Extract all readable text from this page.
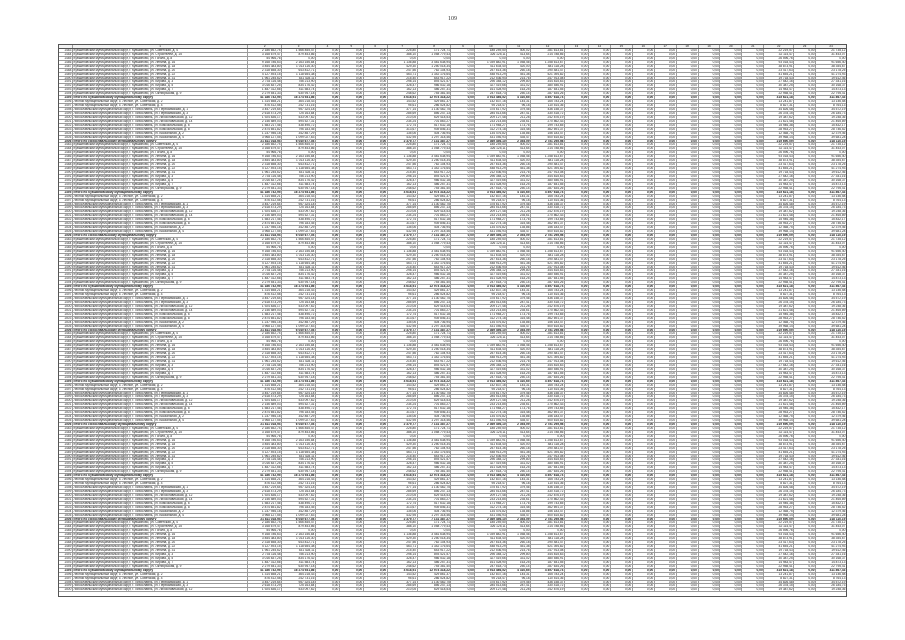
109
1	2	3	4	5	6	7	8	9	10	11	12	13	14	15	16	17	18	19	20	21	22	23	24
1483 Кувшиновский муниципальный округ, г. Кувшиново, ул. Советская, д. 4	2 186 652,74	1 566 845,47	0,00	0,00	0,00	225,80	171 724,71	0,00	185 249,50	400,02	281 613,81	0,00	0,00	0,00	0,00	0,00	0,00	0,00	0,00	0,00	22 219,57	0,00	21 735,12
1484 Кувшиновский муниципальный округ, г. Кувшиново, ул. Строителей, д. 15	3 168 679,47	879 453,86	0,00	0,00	0,00	388,10	1 058 779,43	0,00	326 125,11	413,64	214 788,66	0,00	0,00	0,00	0,00	0,00	0,00	0,00	0,00	0,00	32 114,47	0,00	31 453,07
1485 Кувшиновский муниципальный округ, г. Кувшиново, ул. Гоголя, д. 8	54 966,76	0,00	0,00	0,00	0,00	0,00	0,00	0,00	0,00	0,00	0,00	0,00	0,00	0,00	0,00	0,00	0,00	0,00	0,00	0,00	26 596,76	0,00	0,00
1486 Кувшиновский муниципальный округ, г. Кувшиново, ул. Ленина, д. 16	9 168 786,63	2 163 156,84	0,00	0,00	0,00	1 136,88	3 481 638,94	0,00	1 039 882,91	1 058,46	1 258 613,67	0,00	0,00	0,00	0,00	0,00	0,00	0,00	0,00	0,00	93 018,43	0,00	91 656,40
1487 Кувшиновский муниципальный округ, г. Кувшиново, ул. Ленина, д. 18	3 844 383,80	1 013 116,30	0,00	0,00	0,00	429,30	1 250 018,34	0,00	411 634,40	420,00	481 118,28	0,00	0,00	0,00	0,00	0,00	0,00	0,00	0,00	0,00	38 873,91	0,00	38 354,67
1488 Кувшиновский муниципальный округ, г. Кувшиново, ул. Ленина, д. 20	2 318 658,30	643 812,71	0,00	0,00	0,00	247,56	762 104,93	0,00	257 614,36	260,18	290 481,47	0,00	0,00	0,00	0,00	0,00	0,00	0,00	0,00	0,00	23 417,63	0,00	23 178,25
1489 Кувшиновский муниципальный округ, г. Кувшиново, ул. Ленина, д. 22	4 127 493,15	1 118 654,38	0,00	0,00	0,00	463,71	1 342 176,64	0,00	448 913,29	451,38	521 394,82	0,00	0,00	0,00	0,00	0,00	0,00	0,00	0,00	0,00	41 654,21	0,00	41 274,93
1490 Кувшиновский муниципальный округ, г. Кувшиново, ул. Ленина, д. 31	1 961 245,62	531 428,11	0,00	0,00	0,00	215,40	643 917,22	0,00	212 536,94	214,76	247 913,08	0,00	0,00	0,00	0,00	0,00	0,00	0,00	0,00	0,00	19 718,43	0,00	19 612,46
1491 Кувшиновский муниципальный округ, г. Кувшиново, ул. Кирова, д. 3	2 734 116,48	756 213,90	0,00	0,00	0,00	298,14	893 421,57	0,00	296 384,12	299,80	344 815,63	0,00	0,00	0,00	0,00	0,00	0,00	0,00	0,00	0,00	27 542,16	0,00	27 341,16
1492 Кувшиновский муниципальный округ, г. Кувшиново, ул. Кирова, д. 5	3 016 837,25	834 176,42	0,00	0,00	0,00	328,47	986 532,18	0,00	327 419,66	331,02	380 546,91	0,00	0,00	0,00	0,00	0,00	0,00	0,00	0,00	0,00	30 387,25	0,00	30 168,37
1493 Кувшиновский муниципальный округ, г. Кувшиново, ул. Кирова, д. 7	1 487 312,66	411 583,74	0,00	0,00	0,00	162,13	486 257,31	0,00	161 428,90	163,25	187 641,55	0,00	0,00	0,00	0,00	0,00	0,00	0,00	0,00	0,00	14 983,47	0,00	14 873,13
1494 Кувшиновский муниципальный округ, г. Кувшиново, ул. Октябрьская, д. 9	2 279 541,33	630 947,18	0,00	0,00	0,00	248,62	745 381,40	0,00	247 518,73	250,14	287 634,26	0,00	0,00	0,00	0,00	0,00	0,00	0,00	0,00	0,00	22 958,41	0,00	22 795,41
1495 Итого по Кувшиновскому муниципальному округу	41 186 742,95	16 274 931,86	0,00	0,00	0,00	4 618,91	12 974 318,22	0,00	3 913 486,52	4 310,65	4 497 618,74	0,00	0,00	0,00	0,00	0,00	0,00	0,00	0,00	0,00	415 621,18	0,00	411 867,43
1496 Лесной муниципальный округ, с. Лесное, ул. Советская, д. 2	1 314 658,21	364 218,43	0,00	0,00	0,00	143,52	429 861,37	0,00	142 837,16	144,31	165 783,24	0,00	0,00	0,00	0,00	0,00	0,00	0,00	0,00	0,00	13 241,87	0,00	13 146,58
1497 Лесной муниципальный округ, с. Лесное, ул. Советская, д. 4	876 412,58	242 731,16	0,00	0,00	0,00	95,61	286 524,82	0,00	95 218,47	96,18	110 514,36	0,00	0,00	0,00	0,00	0,00	0,00	0,00	0,00	0,00	8 827,31	0,00	8 764,13
1498 Лихославльский муниципальный округ, г. Лихославль, ул. Первомайская, д. 1	3 457 219,64	957 324,18	0,00	0,00	0,00	377,14	1 130 462,75	0,00	375 617,92	379,46	436 158,37	0,00	0,00	0,00	0,00	0,00	0,00	0,00	0,00	0,00	34 826,48	0,00	34 572,19
1499 Лихославльский муниципальный округ, г. Лихославль, ул. Первомайская, д. 3	2 618 473,29	725 163,84	0,00	0,00	0,00	285,69	856 247,13	0,00	284 513,66	287,41	330 418,72	0,00	0,00	0,00	0,00	0,00	0,00	0,00	0,00	0,00	26 378,15	0,00	26 184,73
1500 Лихославльский муниципальный округ, г. Лихославль, ул. Лихославльская, д. 12	1 924 836,17	533 097,62	0,00	0,00	0,00	210,05	629 418,53	0,00	209 127,48	211,28	242 876,19	0,00	0,00	0,00	0,00	0,00	0,00	0,00	0,00	0,00	19 387,62	0,00	19 248,36
1501 Лихославльский муниципальный округ, г. Лихославль, ул. Лихославльская, д. 14	2 146 589,03	594 527,31	0,00	0,00	0,00	234,24	701 863,27	0,00	233 214,85	235,61	270 862,43	0,00	0,00	0,00	0,00	0,00	0,00	0,00	0,00	0,00	21 621,48	0,00	21 465,89
1502 Лихославльский муниципальный округ, г. Лихославль, ул. Комсомольская, д. 6	1 583 217,46	438 496,72	0,00	0,00	0,00	172,74	517 632,18	0,00	171 984,27	173,76	199 743,65	0,00	0,00	0,00	0,00	0,00	0,00	0,00	0,00	0,00	15 946,38	0,00	15 832,17
1503 Лихославльский муниципальный округ, г. Лихославль, ул. Комсомольская, д. 8	2 874 651,82	796 183,45	0,00	0,00	0,00	313,67	939 846,31	0,00	312 274,18	315,48	362 691,37	0,00	0,00	0,00	0,00	0,00	0,00	0,00	0,00	0,00	28 953,27	0,00	28 746,52
1504 Лихославльский муниципальный округ, г. Лихославль, ул. Вокзальная, д. 2	1 237 946,18	342 857,29	0,00	0,00	0,00	135,06	404 736,94	0,00	134 476,82	135,86	156 183,47	0,00	0,00	0,00	0,00	0,00	0,00	0,00	0,00	0,00	12 468,75	0,00	12 379,46
1505 Лихославльский муниципальный округ, г. Лихославль, ул. Вокзальная, д. 4	3 968 127,55	1 099 027,63	0,00	0,00	0,00	432,95	1 297 318,46	0,00	431 046,93	435,47	500 615,82	0,00	0,00	0,00	0,00	0,00	0,00	0,00	0,00	0,00	39 968,14	0,00	39 681,28
1506 Итого по Лихославльскому муниципальному округу	21 811 018,94	6 040 677,04	0,00	0,00	0,00	2 379,77	7 131 387,27	0,00	2 369 456,10	2 393,09	2 751 295,98	0,00	0,00	0,00	0,00	0,00	0,00	0,00	0,00	0,00	219 690,09	0,00	218 110,19
1483 Кувшиновский муниципальный округ, г. Кувшиново, ул. Советская, д. 4	2 186 652,74	1 566 845,47	0,00	0,00	0,00	225,80	171 724,71	0,00	185 249,50	400,02	281 613,81	0,00	0,00	0,00	0,00	0,00	0,00	0,00	0,00	0,00	22 219,57	0,00	21 735,12
1484 Кувшиновский муниципальный округ, г. Кувшиново, ул. Строителей, д. 15	3 168 679,47	879 453,86	0,00	0,00	0,00	388,10	1 058 779,43	0,00	326 125,11	413,64	214 788,66	0,00	0,00	0,00	0,00	0,00	0,00	0,00	0,00	0,00	32 114,47	0,00	31 453,07
1485 Кувшиновский муниципальный округ, г. Кувшиново, ул. Гоголя, д. 8	54 966,76	0,00	0,00	0,00	0,00	0,00	0,00	0,00	0,00	0,00	0,00	0,00	0,00	0,00	0,00	0,00	0,00	0,00	0,00	0,00	26 596,76	0,00	0,00
1486 Кувшиновский муниципальный округ, г. Кувшиново, ул. Ленина, д. 16	9 168 786,63	2 163 156,84	0,00	0,00	0,00	1 136,88	3 481 638,94	0,00	1 039 882,91	1 058,46	1 258 613,67	0,00	0,00	0,00	0,00	0,00	0,00	0,00	0,00	0,00	93 018,43	0,00	91 656,40
1487 Кувшиновский муниципальный округ, г. Кувшиново, ул. Ленина, д. 18	3 844 383,80	1 013 116,30	0,00	0,00	0,00	429,30	1 250 018,34	0,00	411 634,40	420,00	481 118,28	0,00	0,00	0,00	0,00	0,00	0,00	0,00	0,00	0,00	38 873,91	0,00	38 354,67
1488 Кувшиновский муниципальный округ, г. Кувшиново, ул. Ленина, д. 20	2 318 658,30	643 812,71	0,00	0,00	0,00	247,56	762 104,93	0,00	257 614,36	260,18	290 481,47	0,00	0,00	0,00	0,00	0,00	0,00	0,00	0,00	0,00	23 417,63	0,00	23 178,25
1489 Кувшиновский муниципальный округ, г. Кувшиново, ул. Ленина, д. 22	4 127 493,15	1 118 654,38	0,00	0,00	0,00	463,71	1 342 176,64	0,00	448 913,29	451,38	521 394,82	0,00	0,00	0,00	0,00	0,00	0,00	0,00	0,00	0,00	41 654,21	0,00	41 274,93
1490 Кувшиновский муниципальный округ, г. Кувшиново, ул. Ленина, д. 31	1 961 245,62	531 428,11	0,00	0,00	0,00	215,40	643 917,22	0,00	212 536,94	214,76	247 913,08	0,00	0,00	0,00	0,00	0,00	0,00	0,00	0,00	0,00	19 718,43	0,00	19 612,46
1491 Кувшиновский муниципальный округ, г. Кувшиново, ул. Кирова, д. 3	2 734 116,48	756 213,90	0,00	0,00	0,00	298,14	893 421,57	0,00	296 384,12	299,80	344 815,63	0,00	0,00	0,00	0,00	0,00	0,00	0,00	0,00	0,00	27 542,16	0,00	27 341,16
1492 Кувшиновский муниципальный округ, г. Кувшиново, ул. Кирова, д. 5	3 016 837,25	834 176,42	0,00	0,00	0,00	328,47	986 532,18	0,00	327 419,66	331,02	380 546,91	0,00	0,00	0,00	0,00	0,00	0,00	0,00	0,00	0,00	30 387,25	0,00	30 168,37
1493 Кувшиновский муниципальный округ, г. Кувшиново, ул. Кирова, д. 7	1 487 312,66	411 583,74	0,00	0,00	0,00	162,13	486 257,31	0,00	161 428,90	163,25	187 641,55	0,00	0,00	0,00	0,00	0,00	0,00	0,00	0,00	0,00	14 983,47	0,00	14 873,13
1494 Кувшиновский муниципальный округ, г. Кувшиново, ул. Октябрьская, д. 9	2 279 541,33	630 947,18	0,00	0,00	0,00	248,62	745 381,40	0,00	247 518,73	250,14	287 634,26	0,00	0,00	0,00	0,00	0,00	0,00	0,00	0,00	0,00	22 958,41	0,00	22 795,41
1495 Итого по Кувшиновскому муниципальному округу	41 186 742,95	16 274 931,86	0,00	0,00	0,00	4 618,91	12 974 318,22	0,00	3 913 486,52	4 310,65	4 497 618,74	0,00	0,00	0,00	0,00	0,00	0,00	0,00	0,00	0,00	415 621,18	0,00	411 867,43
1496 Лесной муниципальный округ, с. Лесное, ул. Советская, д. 2	1 314 658,21	364 218,43	0,00	0,00	0,00	143,52	429 861,37	0,00	142 837,16	144,31	165 783,24	0,00	0,00	0,00	0,00	0,00	0,00	0,00	0,00	0,00	13 241,87	0,00	13 146,58
1497 Лесной муниципальный округ, с. Лесное, ул. Советская, д. 4	876 412,58	242 731,16	0,00	0,00	0,00	95,61	286 524,82	0,00	95 218,47	96,18	110 514,36	0,00	0,00	0,00	0,00	0,00	0,00	0,00	0,00	0,00	8 827,31	0,00	8 764,13
1498 Лихославльский муниципальный округ, г. Лихославль, ул. Первомайская, д. 1	3 457 219,64	957 324,18	0,00	0,00	0,00	377,14	1 130 462,75	0,00	375 617,92	379,46	436 158,37	0,00	0,00	0,00	0,00	0,00	0,00	0,00	0,00	0,00	34 826,48	0,00	34 572,19
1499 Лихославльский муниципальный округ, г. Лихославль, ул. Первомайская, д. 3	2 618 473,29	725 163,84	0,00	0,00	0,00	285,69	856 247,13	0,00	284 513,66	287,41	330 418,72	0,00	0,00	0,00	0,00	0,00	0,00	0,00	0,00	0,00	26 378,15	0,00	26 184,73
1500 Лихославльский муниципальный округ, г. Лихославль, ул. Лихославльская, д. 12	1 924 836,17	533 097,62	0,00	0,00	0,00	210,05	629 418,53	0,00	209 127,48	211,28	242 876,19	0,00	0,00	0,00	0,00	0,00	0,00	0,00	0,00	0,00	19 387,62	0,00	19 248,36
1501 Лихославльский муниципальный округ, г. Лихославль, ул. Лихославльская, д. 14	2 146 589,03	594 527,31	0,00	0,00	0,00	234,24	701 863,27	0,00	233 214,85	235,61	270 862,43	0,00	0,00	0,00	0,00	0,00	0,00	0,00	0,00	0,00	21 621,48	0,00	21 465,89
1502 Лихославльский муниципальный округ, г. Лихославль, ул. Комсомольская, д. 6	1 583 217,46	438 496,72	0,00	0,00	0,00	172,74	517 632,18	0,00	171 984,27	173,76	199 743,65	0,00	0,00	0,00	0,00	0,00	0,00	0,00	0,00	0,00	15 946,38	0,00	15 832,17
1503 Лихославльский муниципальный округ, г. Лихославль, ул. Комсомольская, д. 8	2 874 651,82	796 183,45	0,00	0,00	0,00	313,67	939 846,31	0,00	312 274,18	315,48	362 691,37	0,00	0,00	0,00	0,00	0,00	0,00	0,00	0,00	0,00	28 953,27	0,00	28 746,52
1504 Лихославльский муниципальный округ, г. Лихославль, ул. Вокзальная, д. 2	1 237 946,18	342 857,29	0,00	0,00	0,00	135,06	404 736,94	0,00	134 476,82	135,86	156 183,47	0,00	0,00	0,00	0,00	0,00	0,00	0,00	0,00	0,00	12 468,75	0,00	12 379,46
1505 Лихославльский муниципальный округ, г. Лихославль, ул. Вокзальная, д. 4	3 968 127,55	1 099 027,63	0,00	0,00	0,00	432,95	1 297 318,46	0,00	431 046,93	435,47	500 615,82	0,00	0,00	0,00	0,00	0,00	0,00	0,00	0,00	0,00	39 968,14	0,00	39 681,28
1506 Итого по Лихославльскому муниципальному округу	21 811 018,94	6 040 677,04	0,00	0,00	0,00	2 379,77	7 131 387,27	0,00	2 369 456,10	2 393,09	2 751 295,98	0,00	0,00	0,00	0,00	0,00	0,00	0,00	0,00	0,00	219 690,09	0,00	218 110,19
1483 Кувшиновский муниципальный округ, г. Кувшиново, ул. Советская, д. 4	2 186 652,74	1 566 845,47	0,00	0,00	0,00	225,80	171 724,71	0,00	185 249,50	400,02	281 613,81	0,00	0,00	0,00	0,00	0,00	0,00	0,00	0,00	0,00	22 219,57	0,00	21 735,12
1484 Кувшиновский муниципальный округ, г. Кувшиново, ул. Строителей, д. 15	3 168 679,47	879 453,86	0,00	0,00	0,00	388,10	1 058 779,43	0,00	326 125,11	413,64	214 788,66	0,00	0,00	0,00	0,00	0,00	0,00	0,00	0,00	0,00	32 114,47	0,00	31 453,07
1485 Кувшиновский муниципальный округ, г. Кувшиново, ул. Гоголя, д. 8	54 966,76	0,00	0,00	0,00	0,00	0,00	0,00	0,00	0,00	0,00	0,00	0,00	0,00	0,00	0,00	0,00	0,00	0,00	0,00	0,00	26 596,76	0,00	0,00
1486 Кувшиновский муниципальный округ, г. Кувшиново, ул. Ленина, д. 16	9 168 786,63	2 163 156,84	0,00	0,00	0,00	1 136,88	3 481 638,94	0,00	1 039 882,91	1 058,46	1 258 613,67	0,00	0,00	0,00	0,00	0,00	0,00	0,00	0,00	0,00	93 018,43	0,00	91 656,40
1487 Кувшиновский муниципальный округ, г. Кувшиново, ул. Ленина, д. 18	3 844 383,80	1 013 116,30	0,00	0,00	0,00	429,30	1 250 018,34	0,00	411 634,40	420,00	481 118,28	0,00	0,00	0,00	0,00	0,00	0,00	0,00	0,00	0,00	38 873,91	0,00	38 354,67
1488 Кувшиновский муниципальный округ, г. Кувшиново, ул. Ленина, д. 20	2 318 658,30	643 812,71	0,00	0,00	0,00	247,56	762 104,93	0,00	257 614,36	260,18	290 481,47	0,00	0,00	0,00	0,00	0,00	0,00	0,00	0,00	0,00	23 417,63	0,00	23 178,25
1489 Кувшиновский муниципальный округ, г. Кувшиново, ул. Ленина, д. 22	4 127 493,15	1 118 654,38	0,00	0,00	0,00	463,71	1 342 176,64	0,00	448 913,29	451,38	521 394,82	0,00	0,00	0,00	0,00	0,00	0,00	0,00	0,00	0,00	41 654,21	0,00	41 274,93
1490 Кувшиновский муниципальный округ, г. Кувшиново, ул. Ленина, д. 31	1 961 245,62	531 428,11	0,00	0,00	0,00	215,40	643 917,22	0,00	212 536,94	214,76	247 913,08	0,00	0,00	0,00	0,00	0,00	0,00	0,00	0,00	0,00	19 718,43	0,00	19 612,46
1491 Кувшиновский муниципальный округ, г. Кувшиново, ул. Кирова, д. 3	2 734 116,48	756 213,90	0,00	0,00	0,00	298,14	893 421,57	0,00	296 384,12	299,80	344 815,63	0,00	0,00	0,00	0,00	0,00	0,00	0,00	0,00	0,00	27 542,16	0,00	27 341,16
1492 Кувшиновский муниципальный округ, г. Кувшиново, ул. Кирова, д. 5	3 016 837,25	834 176,42	0,00	0,00	0,00	328,47	986 532,18	0,00	327 419,66	331,02	380 546,91	0,00	0,00	0,00	0,00	0,00	0,00	0,00	0,00	0,00	30 387,25	0,00	30 168,37
1493 Кувшиновский муниципальный округ, г. Кувшиново, ул. Кирова, д. 7	1 487 312,66	411 583,74	0,00	0,00	0,00	162,13	486 257,31	0,00	161 428,90	163,25	187 641,55	0,00	0,00	0,00	0,00	0,00	0,00	0,00	0,00	0,00	14 983,47	0,00	14 873,13
1494 Кувшиновский муниципальный округ, г. Кувшиново, ул. Октябрьская, д. 9	2 279 541,33	630 947,18	0,00	0,00	0,00	248,62	745 381,40	0,00	247 518,73	250,14	287 634,26	0,00	0,00	0,00	0,00	0,00	0,00	0,00	0,00	0,00	22 958,41	0,00	22 795,41
1495 Итого по Кувшиновскому муниципальному округу	41 186 742,95	16 274 931,86	0,00	0,00	0,00	4 618,91	12 974 318,22	0,00	3 913 486,52	4 310,65	4 497 618,74	0,00	0,00	0,00	0,00	0,00	0,00	0,00	0,00	0,00	415 621,18	0,00	411 867,43
1496 Лесной муниципальный округ, с. Лесное, ул. Советская, д. 2	1 314 658,21	364 218,43	0,00	0,00	0,00	143,52	429 861,37	0,00	142 837,16	144,31	165 783,24	0,00	0,00	0,00	0,00	0,00	0,00	0,00	0,00	0,00	13 241,87	0,00	13 146,58
1497 Лесной муниципальный округ, с. Лесное, ул. Советская, д. 4	876 412,58	242 731,16	0,00	0,00	0,00	95,61	286 524,82	0,00	95 218,47	96,18	110 514,36	0,00	0,00	0,00	0,00	0,00	0,00	0,00	0,00	0,00	8 827,31	0,00	8 764,13
1498 Лихославльский муниципальный округ, г. Лихославль, ул. Первомайская, д. 1	3 457 219,64	957 324,18	0,00	0,00	0,00	377,14	1 130 462,75	0,00	375 617,92	379,46	436 158,37	0,00	0,00	0,00	0,00	0,00	0,00	0,00	0,00	0,00	34 826,48	0,00	34 572,19
1499 Лихославльский муниципальный округ, г. Лихославль, ул. Первомайская, д. 3	2 618 473,29	725 163,84	0,00	0,00	0,00	285,69	856 247,13	0,00	284 513,66	287,41	330 418,72	0,00	0,00	0,00	0,00	0,00	0,00	0,00	0,00	0,00	26 378,15	0,00	26 184,73
1500 Лихославльский муниципальный округ, г. Лихославль, ул. Лихославльская, д. 12	1 924 836,17	533 097,62	0,00	0,00	0,00	210,05	629 418,53	0,00	209 127,48	211,28	242 876,19	0,00	0,00	0,00	0,00	0,00	0,00	0,00	0,00	0,00	19 387,62	0,00	19 248,36
1501 Лихославльский муниципальный округ, г. Лихославль, ул. Лихославльская, д. 14	2 146 589,03	594 527,31	0,00	0,00	0,00	234,24	701 863,27	0,00	233 214,85	235,61	270 862,43	0,00	0,00	0,00	0,00	0,00	0,00	0,00	0,00	0,00	21 621,48	0,00	21 465,89
1502 Лихославльский муниципальный округ, г. Лихославль, ул. Комсомольская, д. 6	1 583 217,46	438 496,72	0,00	0,00	0,00	172,74	517 632,18	0,00	171 984,27	173,76	199 743,65	0,00	0,00	0,00	0,00	0,00	0,00	0,00	0,00	0,00	15 946,38	0,00	15 832,17
1503 Лихославльский муниципальный округ, г. Лихославль, ул. Комсомольская, д. 8	2 874 651,82	796 183,45	0,00	0,00	0,00	313,67	939 846,31	0,00	312 274,18	315,48	362 691,37	0,00	0,00	0,00	0,00	0,00	0,00	0,00	0,00	0,00	28 953,27	0,00	28 746,52
1504 Лихославльский муниципальный округ, г. Лихославль, ул. Вокзальная, д. 2	1 237 946,18	342 857,29	0,00	0,00	0,00	135,06	404 736,94	0,00	134 476,82	135,86	156 183,47	0,00	0,00	0,00	0,00	0,00	0,00	0,00	0,00	0,00	12 468,75	0,00	12 379,46
1505 Лихославльский муниципальный округ, г. Лихославль, ул. Вокзальная, д. 4	3 968 127,55	1 099 027,63	0,00	0,00	0,00	432,95	1 297 318,46	0,00	431 046,93	435,47	500 615,82	0,00	0,00	0,00	0,00	0,00	0,00	0,00	0,00	0,00	39 968,14	0,00	39 681,28
1506 Итого по Лихославльскому муниципальному округу	21 811 018,94	6 040 677,04	0,00	0,00	0,00	2 379,77	7 131 387,27	0,00	2 369 456,10	2 393,09	2 751 295,98	0,00	0,00	0,00	0,00	0,00	0,00	0,00	0,00	0,00	219 690,09	0,00	218 110,19
1483 Кувшиновский муниципальный округ, г. Кувшиново, ул. Советская, д. 4	2 186 652,74	1 566 845,47	0,00	0,00	0,00	225,80	171 724,71	0,00	185 249,50	400,02	281 613,81	0,00	0,00	0,00	0,00	0,00	0,00	0,00	0,00	0,00	22 219,57	0,00	21 735,12
1484 Кувшиновский муниципальный округ, г. Кувшиново, ул. Строителей, д. 15	3 168 679,47	879 453,86	0,00	0,00	0,00	388,10	1 058 779,43	0,00	326 125,11	413,64	214 788,66	0,00	0,00	0,00	0,00	0,00	0,00	0,00	0,00	0,00	32 114,47	0,00	31 453,07
1485 Кувшиновский муниципальный округ, г. Кувшиново, ул. Гоголя, д. 8	54 966,76	0,00	0,00	0,00	0,00	0,00	0,00	0,00	0,00	0,00	0,00	0,00	0,00	0,00	0,00	0,00	0,00	0,00	0,00	0,00	26 596,76	0,00	0,00
1486 Кувшиновский муниципальный округ, г. Кувшиново, ул. Ленина, д. 16	9 168 786,63	2 163 156,84	0,00	0,00	0,00	1 136,88	3 481 638,94	0,00	1 039 882,91	1 058,46	1 258 613,67	0,00	0,00	0,00	0,00	0,00	0,00	0,00	0,00	0,00	93 018,43	0,00	91 656,40
1487 Кувшиновский муниципальный округ, г. Кувшиново, ул. Ленина, д. 18	3 844 383,80	1 013 116,30	0,00	0,00	0,00	429,30	1 250 018,34	0,00	411 634,40	420,00	481 118,28	0,00	0,00	0,00	0,00	0,00	0,00	0,00	0,00	0,00	38 873,91	0,00	38 354,67
1488 Кувшиновский муниципальный округ, г. Кувшиново, ул. Ленина, д. 20	2 318 658,30	643 812,71	0,00	0,00	0,00	247,56	762 104,93	0,00	257 614,36	260,18	290 481,47	0,00	0,00	0,00	0,00	0,00	0,00	0,00	0,00	0,00	23 417,63	0,00	23 178,25
1489 Кувшиновский муниципальный округ, г. Кувшиново, ул. Ленина, д. 22	4 127 493,15	1 118 654,38	0,00	0,00	0,00	463,71	1 342 176,64	0,00	448 913,29	451,38	521 394,82	0,00	0,00	0,00	0,00	0,00	0,00	0,00	0,00	0,00	41 654,21	0,00	41 274,93
1490 Кувшиновский муниципальный округ, г. Кувшиново, ул. Ленина, д. 31	1 961 245,62	531 428,11	0,00	0,00	0,00	215,40	643 917,22	0,00	212 536,94	214,76	247 913,08	0,00	0,00	0,00	0,00	0,00	0,00	0,00	0,00	0,00	19 718,43	0,00	19 612,46
1491 Кувшиновский муниципальный округ, г. Кувшиново, ул. Кирова, д. 3	2 734 116,48	756 213,90	0,00	0,00	0,00	298,14	893 421,57	0,00	296 384,12	299,80	344 815,63	0,00	0,00	0,00	0,00	0,00	0,00	0,00	0,00	0,00	27 542,16	0,00	27 341,16
1492 Кувшиновский муниципальный округ, г. Кувшиново, ул. Кирова, д. 5	3 016 837,25	834 176,42	0,00	0,00	0,00	328,47	986 532,18	0,00	327 419,66	331,02	380 546,91	0,00	0,00	0,00	0,00	0,00	0,00	0,00	0,00	0,00	30 387,25	0,00	30 168,37
1493 Кувшиновский муниципальный округ, г. Кувшиново, ул. Кирова, д. 7	1 487 312,66	411 583,74	0,00	0,00	0,00	162,13	486 257,31	0,00	161 428,90	163,25	187 641,55	0,00	0,00	0,00	0,00	0,00	0,00	0,00	0,00	0,00	14 983,47	0,00	14 873,13
1494 Кувшиновский муниципальный округ, г. Кувшиново, ул. Октябрьская, д. 9	2 279 541,33	630 947,18	0,00	0,00	0,00	248,62	745 381,40	0,00	247 518,73	250,14	287 634,26	0,00	0,00	0,00	0,00	0,00	0,00	0,00	0,00	0,00	22 958,41	0,00	22 795,41
1495 Итого по Кувшиновскому муниципальному округу	41 186 742,95	16 274 931,86	0,00	0,00	0,00	4 618,91	12 974 318,22	0,00	3 913 486,52	4 310,65	4 497 618,74	0,00	0,00	0,00	0,00	0,00	0,00	0,00	0,00	0,00	415 621,18	0,00	411 867,43
1496 Лесной муниципальный округ, с. Лесное, ул. Советская, д. 2	1 314 658,21	364 218,43	0,00	0,00	0,00	143,52	429 861,37	0,00	142 837,16	144,31	165 783,24	0,00	0,00	0,00	0,00	0,00	0,00	0,00	0,00	0,00	13 241,87	0,00	13 146,58
1497 Лесной муниципальный округ, с. Лесное, ул. Советская, д. 4	876 412,58	242 731,16	0,00	0,00	0,00	95,61	286 524,82	0,00	95 218,47	96,18	110 514,36	0,00	0,00	0,00	0,00	0,00	0,00	0,00	0,00	0,00	8 827,31	0,00	8 764,13
1498 Лихославльский муниципальный округ, г. Лихославль, ул. Первомайская, д. 1	3 457 219,64	957 324,18	0,00	0,00	0,00	377,14	1 130 462,75	0,00	375 617,92	379,46	436 158,37	0,00	0,00	0,00	0,00	0,00	0,00	0,00	0,00	0,00	34 826,48	0,00	34 572,19
1499 Лихославльский муниципальный округ, г. Лихославль, ул. Первомайская, д. 3	2 618 473,29	725 163,84	0,00	0,00	0,00	285,69	856 247,13	0,00	284 513,66	287,41	330 418,72	0,00	0,00	0,00	0,00	0,00	0,00	0,00	0,00	0,00	26 378,15	0,00	26 184,73
1500 Лихославльский муниципальный округ, г. Лихославль, ул. Лихославльская, д. 12	1 924 836,17	533 097,62	0,00	0,00	0,00	210,05	629 418,53	0,00	209 127,48	211,28	242 876,19	0,00	0,00	0,00	0,00	0,00	0,00	0,00	0,00	0,00	19 387,62	0,00	19 248,36
1501 Лихославльский муниципальный округ, г. Лихославль, ул. Лихославльская, д. 14	2 146 589,03	594 527,31	0,00	0,00	0,00	234,24	701 863,27	0,00	233 214,85	235,61	270 862,43	0,00	0,00	0,00	0,00	0,00	0,00	0,00	0,00	0,00	21 621,48	0,00	21 465,89
1502 Лихославльский муниципальный округ, г. Лихославль, ул. Комсомольская, д. 6	1 583 217,46	438 496,72	0,00	0,00	0,00	172,74	517 632,18	0,00	171 984,27	173,76	199 743,65	0,00	0,00	0,00	0,00	0,00	0,00	0,00	0,00	0,00	15 946,38	0,00	15 832,17
1503 Лихославльский муниципальный округ, г. Лихославль, ул. Комсомольская, д. 8	2 874 651,82	796 183,45	0,00	0,00	0,00	313,67	939 846,31	0,00	312 274,18	315,48	362 691,37	0,00	0,00	0,00	0,00	0,00	0,00	0,00	0,00	0,00	28 953,27	0,00	28 746,52
1504 Лихославльский муниципальный округ, г. Лихославль, ул. Вокзальная, д. 2	1 237 946,18	342 857,29	0,00	0,00	0,00	135,06	404 736,94	0,00	134 476,82	135,86	156 183,47	0,00	0,00	0,00	0,00	0,00	0,00	0,00	0,00	0,00	12 468,75	0,00	12 379,46
1505 Лихославльский муниципальный округ, г. Лихославль, ул. Вокзальная, д. 4	3 968 127,55	1 099 027,63	0,00	0,00	0,00	432,95	1 297 318,46	0,00	431 046,93	435,47	500 615,82	0,00	0,00	0,00	0,00	0,00	0,00	0,00	0,00	0,00	39 968,14	0,00	39 681,28
1506 Итого по Лихославльскому муниципальному округу	21 811 018,94	6 040 677,04	0,00	0,00	0,00	2 379,77	7 131 387,27	0,00	2 369 456,10	2 393,09	2 751 295,98	0,00	0,00	0,00	0,00	0,00	0,00	0,00	0,00	0,00	219 690,09	0,00	218 110,19
1483 Кувшиновский муниципальный округ, г. Кувшиново, ул. Советская, д. 4	2 186 652,74	1 566 845,47	0,00	0,00	0,00	225,80	171 724,71	0,00	185 249,50	400,02	281 613,81	0,00	0,00	0,00	0,00	0,00	0,00	0,00	0,00	0,00	22 219,57	0,00	21 735,12
1484 Кувшиновский муниципальный округ, г. Кувшиново, ул. Строителей, д. 15	3 168 679,47	879 453,86	0,00	0,00	0,00	388,10	1 058 779,43	0,00	326 125,11	413,64	214 788,66	0,00	0,00	0,00	0,00	0,00	0,00	0,00	0,00	0,00	32 114,47	0,00	31 453,07
1485 Кувшиновский муниципальный округ, г. Кувшиново, ул. Гоголя, д. 8	54 966,76	0,00	0,00	0,00	0,00	0,00	0,00	0,00	0,00	0,00	0,00	0,00	0,00	0,00	0,00	0,00	0,00	0,00	0,00	0,00	26 596,76	0,00	0,00
1486 Кувшиновский муниципальный округ, г. Кувшиново, ул. Ленина, д. 16	9 168 786,63	2 163 156,84	0,00	0,00	0,00	1 136,88	3 481 638,94	0,00	1 039 882,91	1 058,46	1 258 613,67	0,00	0,00	0,00	0,00	0,00	0,00	0,00	0,00	0,00	93 018,43	0,00	91 656,40
1487 Кувшиновский муниципальный округ, г. Кувшиново, ул. Ленина, д. 18	3 844 383,80	1 013 116,30	0,00	0,00	0,00	429,30	1 250 018,34	0,00	411 634,40	420,00	481 118,28	0,00	0,00	0,00	0,00	0,00	0,00	0,00	0,00	0,00	38 873,91	0,00	38 354,67
1488 Кувшиновский муниципальный округ, г. Кувшиново, ул. Ленина, д. 20	2 318 658,30	643 812,71	0,00	0,00	0,00	247,56	762 104,93	0,00	257 614,36	260,18	290 481,47	0,00	0,00	0,00	0,00	0,00	0,00	0,00	0,00	0,00	23 417,63	0,00	23 178,25
1489 Кувшиновский муниципальный округ, г. Кувшиново, ул. Ленина, д. 22	4 127 493,15	1 118 654,38	0,00	0,00	0,00	463,71	1 342 176,64	0,00	448 913,29	451,38	521 394,82	0,00	0,00	0,00	0,00	0,00	0,00	0,00	0,00	0,00	41 654,21	0,00	41 274,93
1490 Кувшиновский муниципальный округ, г. Кувшиново, ул. Ленина, д. 31	1 961 245,62	531 428,11	0,00	0,00	0,00	215,40	643 917,22	0,00	212 536,94	214,76	247 913,08	0,00	0,00	0,00	0,00	0,00	0,00	0,00	0,00	0,00	19 718,43	0,00	19 612,46
1491 Кувшиновский муниципальный округ, г. Кувшиново, ул. Кирова, д. 3	2 734 116,48	756 213,90	0,00	0,00	0,00	298,14	893 421,57	0,00	296 384,12	299,80	344 815,63	0,00	0,00	0,00	0,00	0,00	0,00	0,00	0,00	0,00	27 542,16	0,00	27 341,16
1492 Кувшиновский муниципальный округ, г. Кувшиново, ул. Кирова, д. 5	3 016 837,25	834 176,42	0,00	0,00	0,00	328,47	986 532,18	0,00	327 419,66	331,02	380 546,91	0,00	0,00	0,00	0,00	0,00	0,00	0,00	0,00	0,00	30 387,25	0,00	30 168,37
1493 Кувшиновский муниципальный округ, г. Кувшиново, ул. Кирова, д. 7	1 487 312,66	411 583,74	0,00	0,00	0,00	162,13	486 257,31	0,00	161 428,90	163,25	187 641,55	0,00	0,00	0,00	0,00	0,00	0,00	0,00	0,00	0,00	14 983,47	0,00	14 873,13
1494 Кувшиновский муниципальный округ, г. Кувшиново, ул. Октябрьская, д. 9	2 279 541,33	630 947,18	0,00	0,00	0,00	248,62	745 381,40	0,00	247 518,73	250,14	287 634,26	0,00	0,00	0,00	0,00	0,00	0,00	0,00	0,00	0,00	22 958,41	0,00	22 795,41
1495 Итого по Кувшиновскому муниципальному округу	41 186 742,95	16 274 931,86	0,00	0,00	0,00	4 618,91	12 974 318,22	0,00	3 913 486,52	4 310,65	4 497 618,74	0,00	0,00	0,00	0,00	0,00	0,00	0,00	0,00	0,00	415 621,18	0,00	411 867,43
1496 Лесной муниципальный округ, с. Лесное, ул. Советская, д. 2	1 314 658,21	364 218,43	0,00	0,00	0,00	143,52	429 861,37	0,00	142 837,16	144,31	165 783,24	0,00	0,00	0,00	0,00	0,00	0,00	0,00	0,00	0,00	13 241,87	0,00	13 146,58
1497 Лесной муниципальный округ, с. Лесное, ул. Советская, д. 4	876 412,58	242 731,16	0,00	0,00	0,00	95,61	286 524,82	0,00	95 218,47	96,18	110 514,36	0,00	0,00	0,00	0,00	0,00	0,00	0,00	0,00	0,00	8 827,31	0,00	8 764,13
1498 Лихославльский муниципальный округ, г. Лихославль, ул. Первомайская, д. 1	3 457 219,64	957 324,18	0,00	0,00	0,00	377,14	1 130 462,75	0,00	375 617,92	379,46	436 158,37	0,00	0,00	0,00	0,00	0,00	0,00	0,00	0,00	0,00	34 826,48	0,00	34 572,19
1499 Лихославльский муниципальный округ, г. Лихославль, ул. Первомайская, д. 3	2 618 473,29	725 163,84	0,00	0,00	0,00	285,69	856 247,13	0,00	284 513,66	287,41	330 418,72	0,00	0,00	0,00	0,00	0,00	0,00	0,00	0,00	0,00	26 378,15	0,00	26 184,73
1500 Лихославльский муниципальный округ, г. Лихославль, ул. Лихославльская, д. 12	1 924 836,17	533 097,62	0,00	0,00	0,00	210,05	629 418,53	0,00	209 127,48	211,28	242 876,19	0,00	0,00	0,00	0,00	0,00	0,00	0,00	0,00	0,00	19 387,62	0,00	19 248,36
1501 Лихославльский муниципальный округ, г. Лихославль, ул. Лихославльская, д. 14	2 146 589,03	594 527,31	0,00	0,00	0,00	234,24	701 863,27	0,00	233 214,85	235,61	270 862,43	0,00	0,00	0,00	0,00	0,00	0,00	0,00	0,00	0,00	21 621,48	0,00	21 465,89
1502 Лихославльский муниципальный округ, г. Лихославль, ул. Комсомольская, д. 6	1 583 217,46	438 496,72	0,00	0,00	0,00	172,74	517 632,18	0,00	171 984,27	173,76	199 743,65	0,00	0,00	0,00	0,00	0,00	0,00	0,00	0,00	0,00	15 946,38	0,00	15 832,17
1503 Лихославльский муниципальный округ, г. Лихославль, ул. Комсомольская, д. 8	2 874 651,82	796 183,45	0,00	0,00	0,00	313,67	939 846,31	0,00	312 274,18	315,48	362 691,37	0,00	0,00	0,00	0,00	0,00	0,00	0,00	0,00	0,00	28 953,27	0,00	28 746,52
1504 Лихославльский муниципальный округ, г. Лихославль, ул. Вокзальная, д. 2	1 237 946,18	342 857,29	0,00	0,00	0,00	135,06	404 736,94	0,00	134 476,82	135,86	156 183,47	0,00	0,00	0,00	0,00	0,00	0,00	0,00	0,00	0,00	12 468,75	0,00	12 379,46
1505 Лихославльский муниципальный округ, г. Лихославль, ул. Вокзальная, д. 4	3 968 127,55	1 099 027,63	0,00	0,00	0,00	432,95	1 297 318,46	0,00	431 046,93	435,47	500 615,82	0,00	0,00	0,00	0,00	0,00	0,00	0,00	0,00	0,00	39 968,14	0,00	39 681,28
1506 Итого по Лихославльскому муниципальному округу	21 811 018,94	6 040 677,04	0,00	0,00	0,00	2 379,77	7 131 387,27	0,00	2 369 456,10	2 393,09	2 751 295,98	0,00	0,00	0,00	0,00	0,00	0,00	0,00	0,00	0,00	219 690,09	0,00	218 110,19
1483 Кувшиновский муниципальный округ, г. Кувшиново, ул. Советская, д. 4	2 186 652,74	1 566 845,47	0,00	0,00	0,00	225,80	171 724,71	0,00	185 249,50	400,02	281 613,81	0,00	0,00	0,00	0,00	0,00	0,00	0,00	0,00	0,00	22 219,57	0,00	21 735,12
1484 Кувшиновский муниципальный округ, г. Кувшиново, ул. Строителей, д. 15	3 168 679,47	879 453,86	0,00	0,00	0,00	388,10	1 058 779,43	0,00	326 125,11	413,64	214 788,66	0,00	0,00	0,00	0,00	0,00	0,00	0,00	0,00	0,00	32 114,47	0,00	31 453,07
1485 Кувшиновский муниципальный округ, г. Кувшиново, ул. Гоголя, д. 8	54 966,76	0,00	0,00	0,00	0,00	0,00	0,00	0,00	0,00	0,00	0,00	0,00	0,00	0,00	0,00	0,00	0,00	0,00	0,00	0,00	26 596,76	0,00	0,00
1486 Кувшиновский муниципальный округ, г. Кувшиново, ул. Ленина, д. 16	9 168 786,63	2 163 156,84	0,00	0,00	0,00	1 136,88	3 481 638,94	0,00	1 039 882,91	1 058,46	1 258 613,67	0,00	0,00	0,00	0,00	0,00	0,00	0,00	0,00	0,00	93 018,43	0,00	91 656,40
1487 Кувшиновский муниципальный округ, г. Кувшиново, ул. Ленина, д. 18	3 844 383,80	1 013 116,30	0,00	0,00	0,00	429,30	1 250 018,34	0,00	411 634,40	420,00	481 118,28	0,00	0,00	0,00	0,00	0,00	0,00	0,00	0,00	0,00	38 873,91	0,00	38 354,67
1488 Кувшиновский муниципальный округ, г. Кувшиново, ул. Ленина, д. 20	2 318 658,30	643 812,71	0,00	0,00	0,00	247,56	762 104,93	0,00	257 614,36	260,18	290 481,47	0,00	0,00	0,00	0,00	0,00	0,00	0,00	0,00	0,00	23 417,63	0,00	23 178,25
1489 Кувшиновский муниципальный округ, г. Кувшиново, ул. Ленина, д. 22	4 127 493,15	1 118 654,38	0,00	0,00	0,00	463,71	1 342 176,64	0,00	448 913,29	451,38	521 394,82	0,00	0,00	0,00	0,00	0,00	0,00	0,00	0,00	0,00	41 654,21	0,00	41 274,93
1490 Кувшиновский муниципальный округ, г. Кувшиново, ул. Ленина, д. 31	1 961 245,62	531 428,11	0,00	0,00	0,00	215,40	643 917,22	0,00	212 536,94	214,76	247 913,08	0,00	0,00	0,00	0,00	0,00	0,00	0,00	0,00	0,00	19 718,43	0,00	19 612,46
1491 Кувшиновский муниципальный округ, г. Кувшиново, ул. Кирова, д. 3	2 734 116,48	756 213,90	0,00	0,00	0,00	298,14	893 421,57	0,00	296 384,12	299,80	344 815,63	0,00	0,00	0,00	0,00	0,00	0,00	0,00	0,00	0,00	27 542,16	0,00	27 341,16
1492 Кувшиновский муниципальный округ, г. Кувшиново, ул. Кирова, д. 5	3 016 837,25	834 176,42	0,00	0,00	0,00	328,47	986 532,18	0,00	327 419,66	331,02	380 546,91	0,00	0,00	0,00	0,00	0,00	0,00	0,00	0,00	0,00	30 387,25	0,00	30 168,37
1493 Кувшиновский муниципальный округ, г. Кувшиново, ул. Кирова, д. 7	1 487 312,66	411 583,74	0,00	0,00	0,00	162,13	486 257,31	0,00	161 428,90	163,25	187 641,55	0,00	0,00	0,00	0,00	0,00	0,00	0,00	0,00	0,00	14 983,47	0,00	14 873,13
1494 Кувшиновский муниципальный округ, г. Кувшиново, ул. Октябрьская, д. 9	2 279 541,33	630 947,18	0,00	0,00	0,00	248,62	745 381,40	0,00	247 518,73	250,14	287 634,26	0,00	0,00	0,00	0,00	0,00	0,00	0,00	0,00	0,00	22 958,41	0,00	22 795,41
1495 Итого по Кувшиновскому муниципальному округу	41 186 742,95	16 274 931,86	0,00	0,00	0,00	4 618,91	12 974 318,22	0,00	3 913 486,52	4 310,65	4 497 618,74	0,00	0,00	0,00	0,00	0,00	0,00	0,00	0,00	0,00	415 621,18	0,00	411 867,43
1496 Лесной муниципальный округ, с. Лесное, ул. Советская, д. 2	1 314 658,21	364 218,43	0,00	0,00	0,00	143,52	429 861,37	0,00	142 837,16	144,31	165 783,24	0,00	0,00	0,00	0,00	0,00	0,00	0,00	0,00	0,00	13 241,87	0,00	13 146,58
1497 Лесной муниципальный округ, с. Лесное, ул. Советская, д. 4	876 412,58	242 731,16	0,00	0,00	0,00	95,61	286 524,82	0,00	95 218,47	96,18	110 514,36	0,00	0,00	0,00	0,00	0,00	0,00	0,00	0,00	0,00	8 827,31	0,00	8 764,13
1498 Лихославльский муниципальный округ, г. Лихославль, ул. Первомайская, д. 1	3 457 219,64	957 324,18	0,00	0,00	0,00	377,14	1 130 462,75	0,00	375 617,92	379,46	436 158,37	0,00	0,00	0,00	0,00	0,00	0,00	0,00	0,00	0,00	34 826,48	0,00	34 572,19
1499 Лихославльский муниципальный округ, г. Лихославль, ул. Первомайская, д. 3	2 618 473,29	725 163,84	0,00	0,00	0,00	285,69	856 247,13	0,00	284 513,66	287,41	330 418,72	0,00	0,00	0,00	0,00	0,00	0,00	0,00	0,00	0,00	26 378,15	0,00	26 184,73
1500 Лихославльский муниципальный округ, г. Лихославль, ул. Лихославльская, д. 12	1 924 836,17	533 097,62	0,00	0,00	0,00	210,05	629 418,53	0,00	209 127,48	211,28	242 876,19	0,00	0,00	0,00	0,00	0,00	0,00	0,00	0,00	0,00	19 387,62	0,00	19 248,36
